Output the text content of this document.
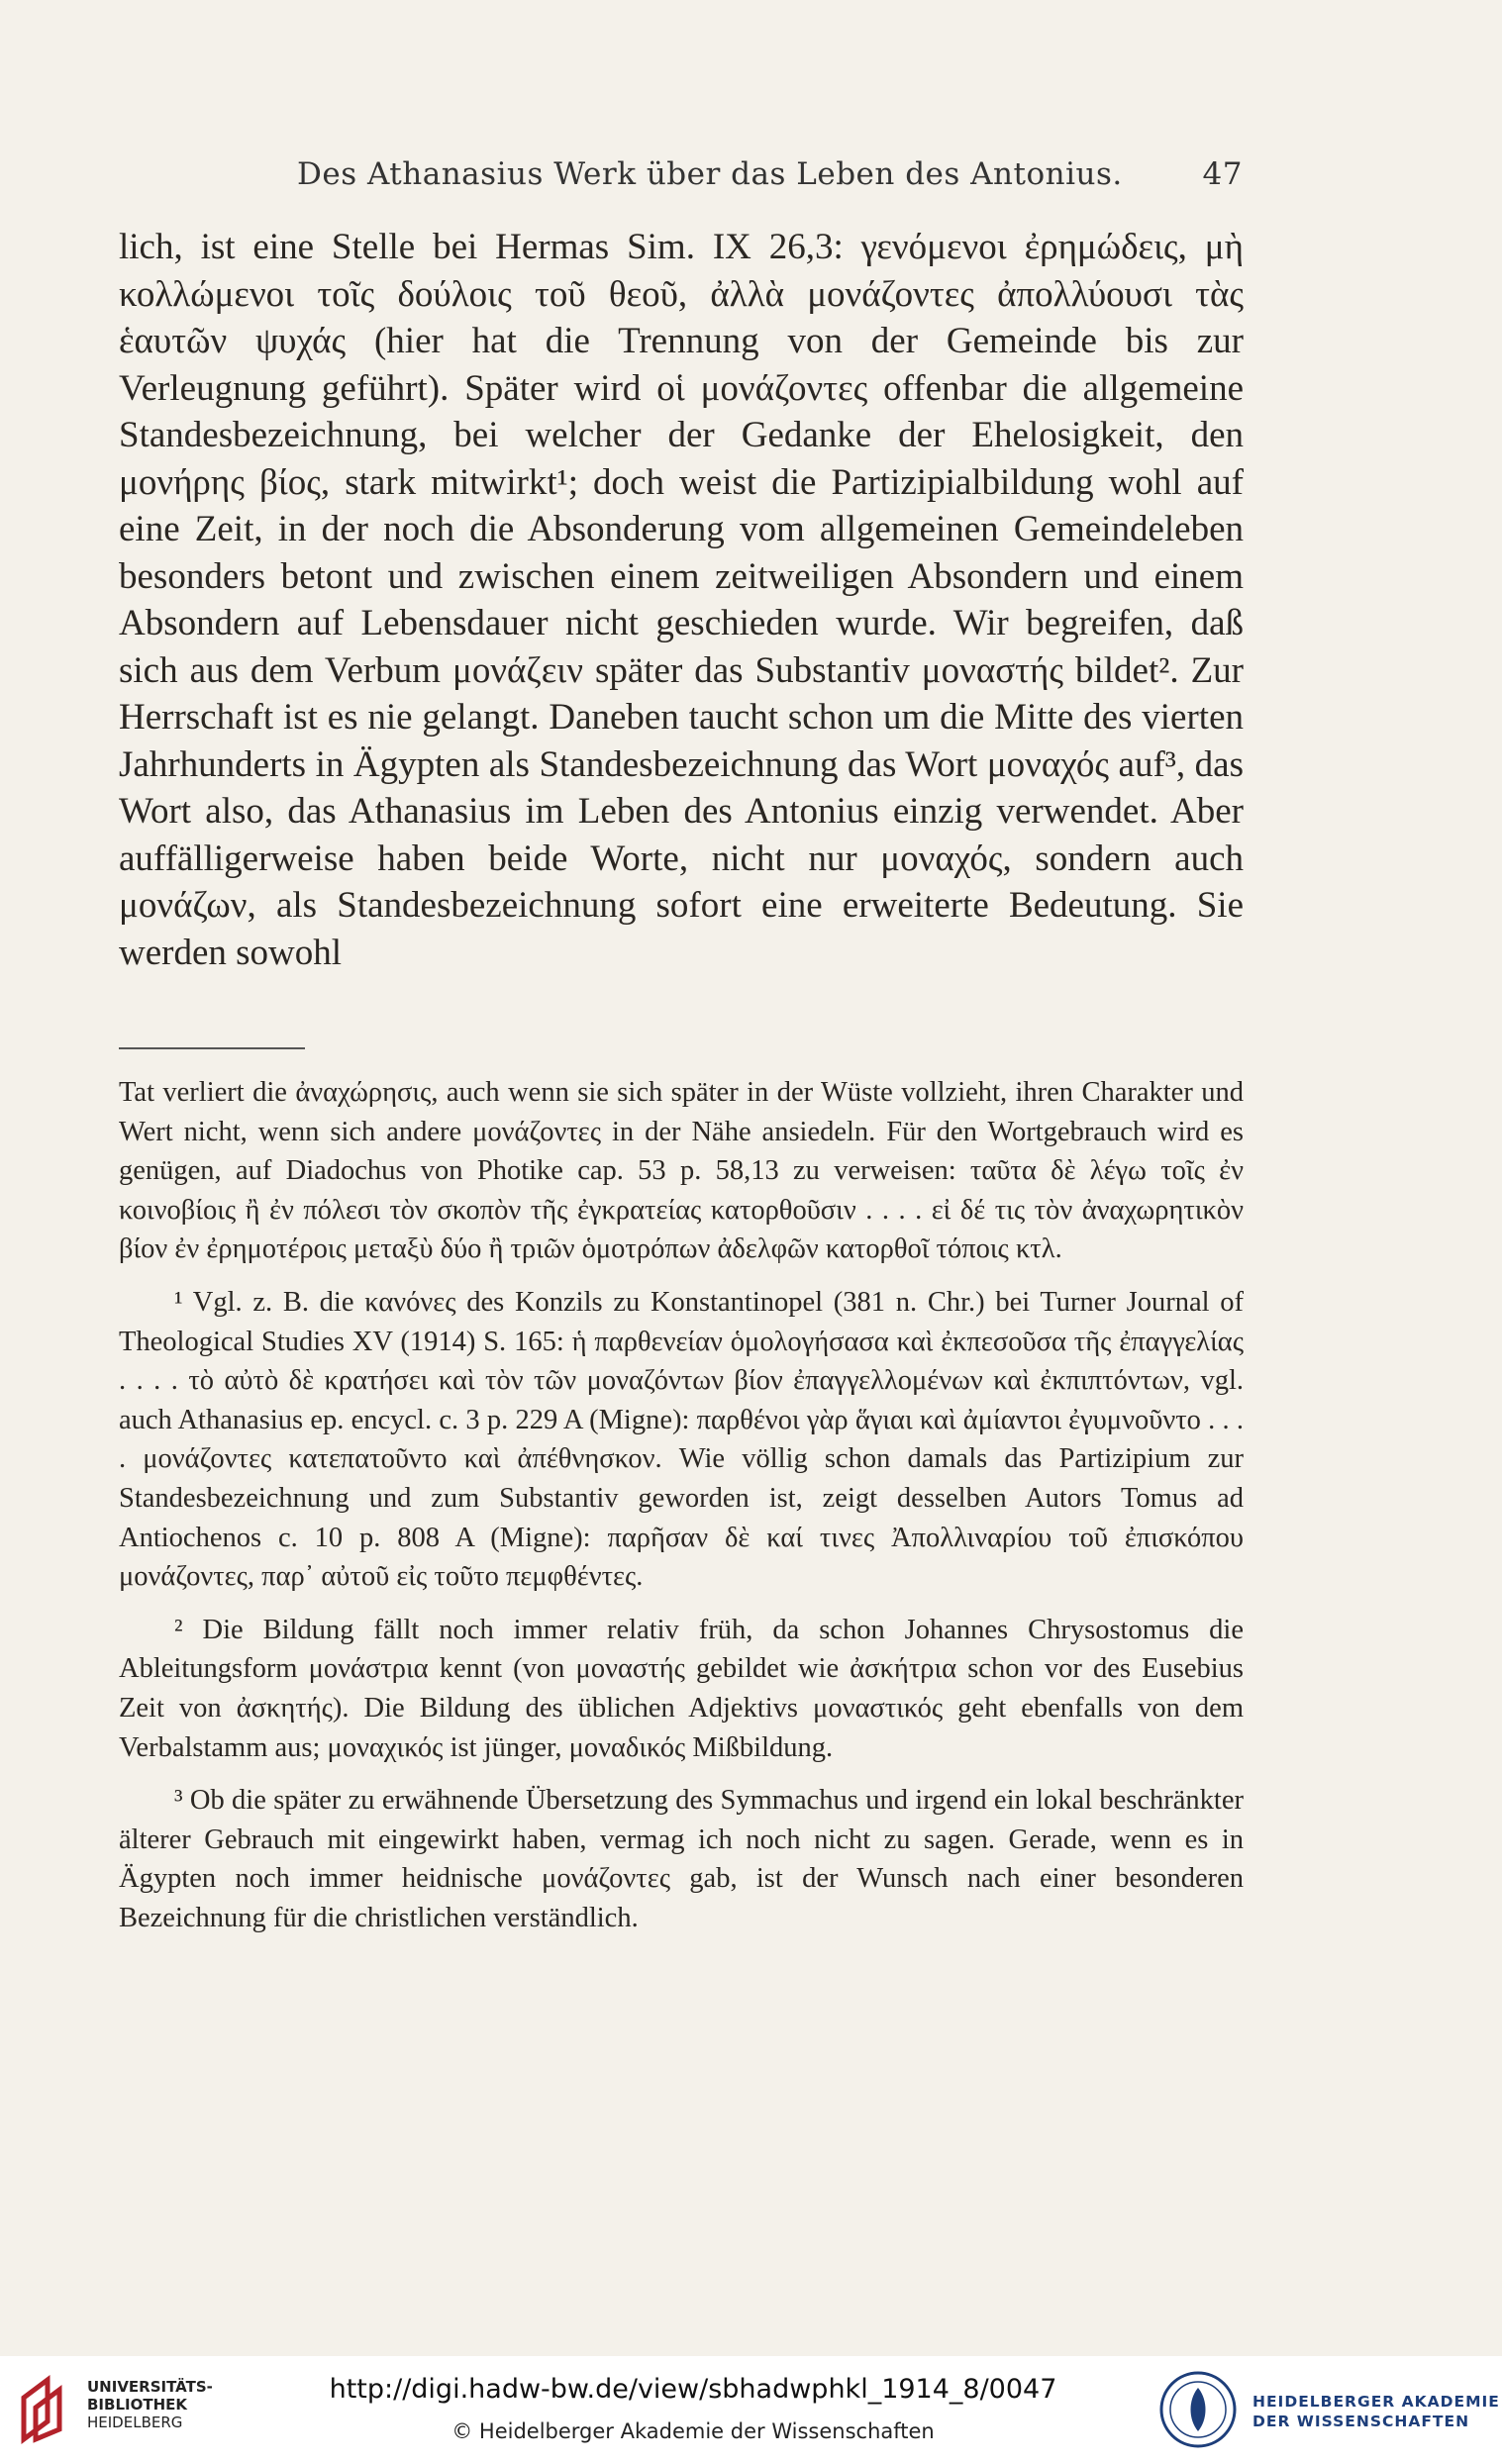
Des Athanasius Werk über das Leben des Antonius.	47

lich, ist eine Stelle bei Hermas Sim. IX 26,3: γενόμενοι ἐρημώδεις, μὴ κολλώμενοι τοῖς δούλοις τοῦ θεοῦ, ἀλλὰ μονάζοντες ἀπολλύουσι τὰς ἑαυτῶν ψυχάς (hier hat die Trennung von der Gemeinde bis zur Verleugnung geführt). Später wird οἱ μονάζοντες offenbar die allgemeine Standesbezeichnung, bei welcher der Gedanke der Ehelosigkeit, den μονήρης βίος, stark mitwirkt¹; doch weist die Partizipialbildung wohl auf eine Zeit, in der noch die Absonderung vom allgemeinen Gemeindeleben besonders betont und zwischen einem zeitweiligen Absondern und einem Absondern auf Lebensdauer nicht geschieden wurde. Wir begreifen, daß sich aus dem Verbum μονάζειν später das Substantiv μοναστής bildet². Zur Herrschaft ist es nie gelangt. Daneben taucht schon um die Mitte des vierten Jahrhunderts in Ägypten als Standesbezeichnung das Wort μοναχός auf³, das Wort also, das Athanasius im Leben des Antonius einzig verwendet. Aber auffälligerweise haben beide Worte, nicht nur μοναχός, sondern auch μονάζων, als Standesbezeichnung sofort eine erweiterte Bedeutung. Sie werden sowohl

Tat verliert die ἀναχώρησις, auch wenn sie sich später in der Wüste vollzieht, ihren Charakter und Wert nicht, wenn sich andere μονάζοντες in der Nähe ansiedeln. Für den Wortgebrauch wird es genügen, auf Diadochus von Photike cap. 53 p. 58,13 zu verweisen: ταῦτα δὲ λέγω τοῖς ἐν κοινοβίοις ἢ ἐν πόλεσι τὸν σκοπὸν τῆς ἐγκρατείας κατορθοῦσιν . . . . εἰ δέ τις τὸν ἀναχωρητικὸν βίον ἐν ἐρημοτέροις μεταξὺ δύο ἢ τριῶν ὁμοτρόπων ἀδελφῶν κατορθοῖ τόποις κτλ.

¹ Vgl. z. B. die κανόνες des Konzils zu Konstantinopel (381 n. Chr.) bei Turner Journal of Theological Studies XV (1914) S. 165: ἡ παρθενείαν ὁμολογήσασα καὶ ἐκπεσοῦσα τῆς ἐπαγγελίας . . . . τὸ αὐτὸ δὲ κρατήσει καὶ τὸν τῶν μοναζόντων βίον ἐπαγγελλομένων καὶ ἐκπιπτόντων, vgl. auch Athanasius ep. encycl. c. 3 p. 229 A (Migne): παρθένοι γὰρ ἅγιαι καὶ ἀμίαντοι ἐγυμνοῦντο . . . . μονάζοντες κατεπατοῦντο καὶ ἀπέθνησκον. Wie völlig schon damals das Partizipium zur Standesbezeichnung und zum Substantiv geworden ist, zeigt desselben Autors Tomus ad Antiochenos c. 10 p. 808 A (Migne): παρῆσαν δὲ καί τινες Ἀπολλιναρίου τοῦ ἐπισκόπου μονάζοντες, παρ᾽ αὐτοῦ εἰς τοῦτο πεμφθέντες.

² Die Bildung fällt noch immer relativ früh, da schon Johannes Chrysostomus die Ableitungsform μονάστρια kennt (von μοναστής gebildet wie ἀσκήτρια schon vor des Eusebius Zeit von ἀσκητής). Die Bildung des üblichen Adjektivs μοναστικός geht ebenfalls von dem Verbalstamm aus; μοναχικός ist jünger, μοναδικός Mißbildung.

³ Ob die später zu erwähnende Übersetzung des Symmachus und irgend ein lokal beschränkter älterer Gebrauch mit eingewirkt haben, vermag ich noch nicht zu sagen. Gerade, wenn es in Ägypten noch immer heidnische μονάζοντες gab, ist der Wunsch nach einer besonderen Bezeichnung für die christlichen verständlich.

UNIVERSITÄTS-
BIBLIOTHEK
HEIDELBERG
http://digi.hadw-bw.de/view/sbhadwphkl_1914_8/0047
© Heidelberger Akademie der Wissenschaften
HEIDELBERGER AKADEMIE
DER WISSENSCHAFTEN
